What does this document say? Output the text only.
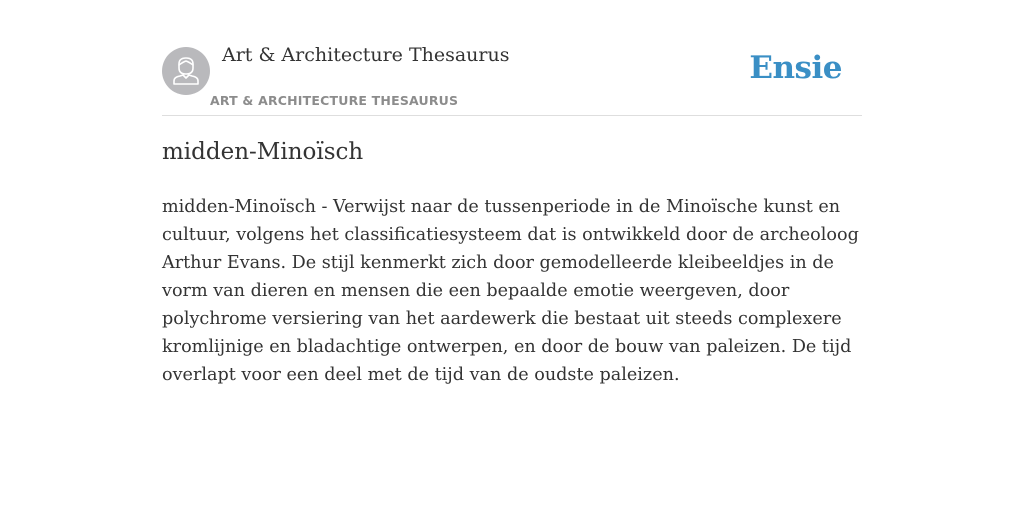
Art & Architecture Thesaurus
ART & ARCHITECTURE THESAURUS
Ensie
midden-Minoïsch

midden-Minoïsch - Verwijst naar de tussenperiode in de Minoïsche kunst en cultuur, volgens het classificatiesysteem dat is ontwikkeld door de archeoloog Arthur Evans. De stijl kenmerkt zich door gemodelleerde kleibeeldjes in de vorm van dieren en mensen die een bepaalde emotie weergeven, door polychrome versiering van het aardewerk die bestaat uit steeds complexere kromlijnige en bladachtige ontwerpen, en door de bouw van paleizen. De tijd overlapt voor een deel met de tijd van de oudste paleizen.
